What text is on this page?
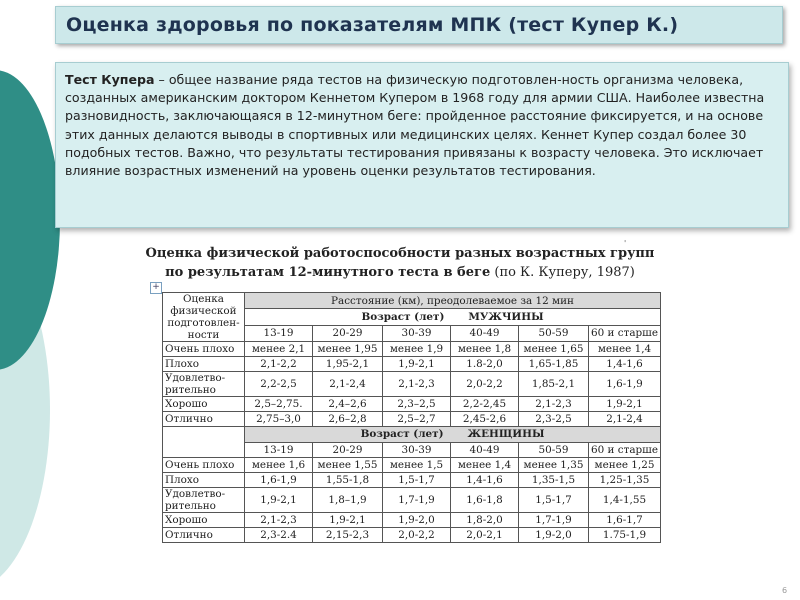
Оценка здоровья по показателям МПК (тест Купер К.)

Тест Купера – общее название ряда тестов на физическую подготовлен-ность организма человека, созданных американским доктором Кеннетом Купером в 1968 году для армии США. Наиболее известна разновидность, заключающаяся в 12-минутном беге: пройденное расстояние фиксируется, и на основе этих данных делаются выводы в спортивных или медицинских целях. Кеннет Купер создал более 30 подобных тестов. Важно, что результаты тестирования привязаны к возрасту человека. Это исключает влияние возрастных изменений на уровень оценки результатов тестирования.

'
Оценка физической работоспособности разных возрастных групп
по результатам 12-минутного теста в беге (по К. Куперу, 1987)
+
Оценка физической подготовлен-ности	Расстояние (км), преодолеваемое за 12 мин					
	Возраст (лет) МУЖЧИНЫ					
	13-19	20-29	30-39	40-49	50-59	60 и старше
Очень плохо	менее 2,1	менее 1,95	менее 1,9	менее 1,8	менее 1,65	менее 1,4
Плохо	2,1-2,2	1,95-2,1	1,9-2,1	1.8-2,0	1,65-1,85	1,4-1,6
Удовлетво-рительно	2,2-2,5	2,1-2,4	2,1-2,3	2,0-2,2	1,85-2,1	1,6-1,9
Хорошо	2,5–2,75.	2,4–2,6	2,3–2,5	2,2-2,45	2,1-2,3	1,9-2,1
Отлично	2,75–3,0	2,6–2,8	2,5–2,7	2,45-2,6	2,3-2,5	2,1-2,4
	Возраст (лет) ЖЕНЩИНЫ					
	13-19	20-29	30-39	40-49	50-59	60 и старше
Очень плохо	менее 1,6	менее 1,55	менее 1,5	менее 1,4	менее 1,35	менее 1,25
Плохо	1,6-1,9	1,55-1,8	1,5-1,7	1,4-1,6	1,35-1,5	1,25-1,35
Удовлетво-рительно	1,9-2,1	1,8–1,9	1,7-1,9	1,6-1,8	1,5-1,7	1,4-1,55
Хорошо	2,1-2,3	1,9-2,1	1,9-2,0	1,8-2,0	1,7-1,9	1,6-1,7
Отлично	2,3-2.4	2,15-2,3	2,0-2,2	2,0-2,1	1,9-2,0	1.75-1,9
6
